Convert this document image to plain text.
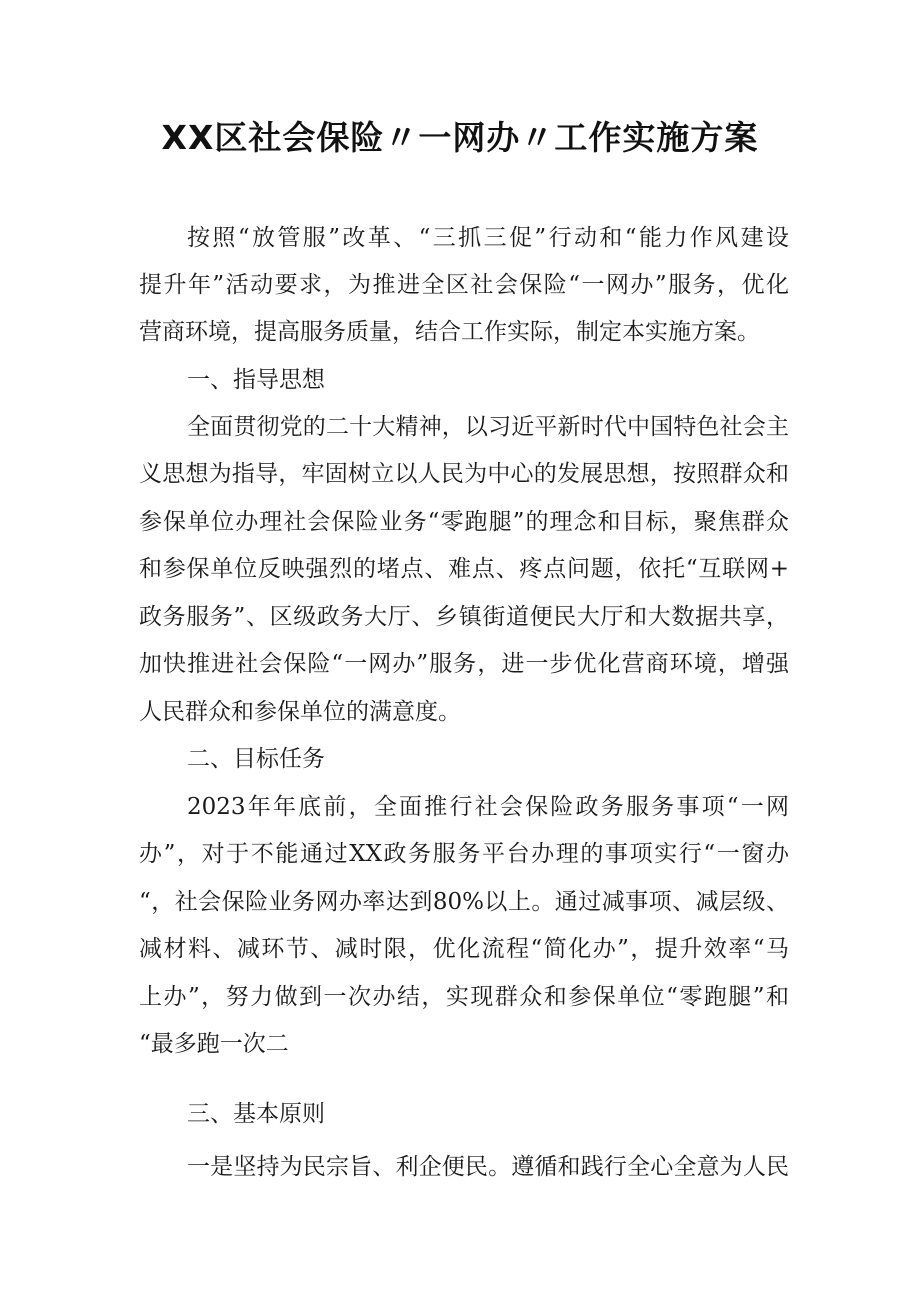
XX区社会保险〃一网办〃工作实施方案
按照“放管服”改革、“三抓三促”行动和“能力作风建设
提升年”活动要求，为推进全区社会保险“一网办”服务，优化
营商环境，提高服务质量，结合工作实际，制定本实施方案。
一、指导思想
全面贯彻党的二十大精神，以习近平新时代中国特色社会主
义思想为指导，牢固树立以人民为中心的发展思想，按照群众和
参保单位办理社会保险业务“零跑腿”的理念和目标，聚焦群众
和参保单位反映强烈的堵点、难点、疼点问题，依托“互联网+
政务服务”、区级政务大厅、乡镇街道便民大厅和大数据共享，
加快推进社会保险“一网办”服务，进一步优化营商环境，增强
人民群众和参保单位的满意度。
二、目标任务
2023年年底前，全面推行社会保险政务服务事项“一网
办”，对于不能通过XX政务服务平台办理的事项实行“一窗办
“，社会保险业务网办率达到80%以上。通过减事项、减层级、
减材料、减环节、减时限，优化流程“简化办”，提升效率“马
上办”，努力做到一次办结，实现群众和参保单位“零跑腿”和
“最多跑一次二
三、基本原则
一是坚持为民宗旨、利企便民。遵循和践行全心全意为人民
